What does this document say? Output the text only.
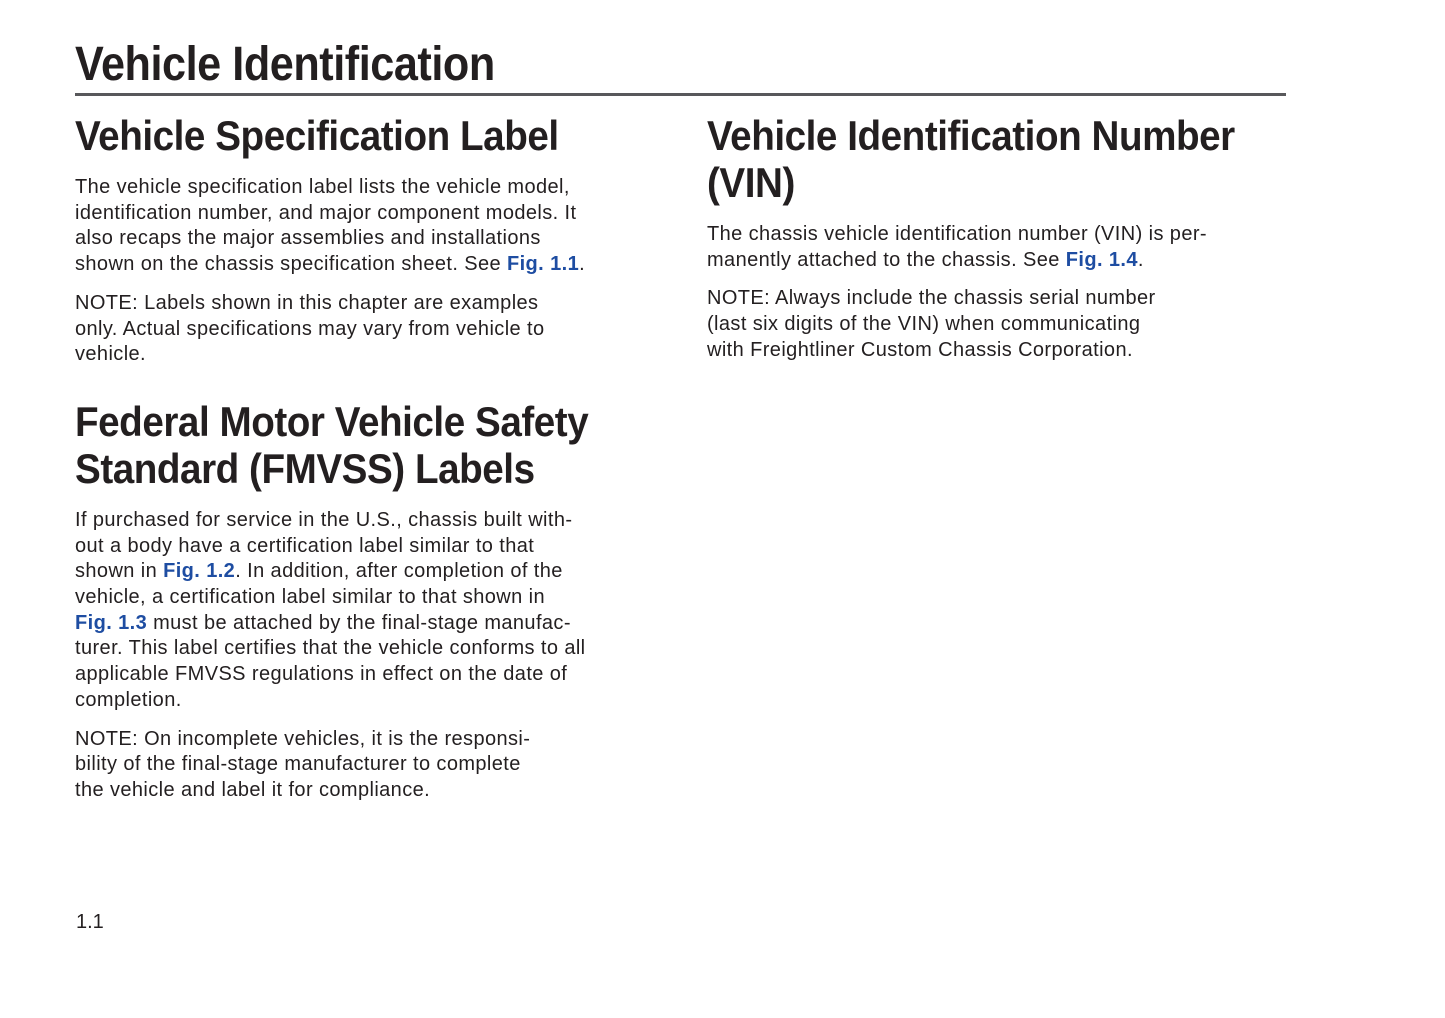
Vehicle Identification
Vehicle Specification Label

The vehicle specification label lists the vehicle model,
identification number, and major component models. It
also recaps the major assemblies and installations
shown on the chassis specification sheet. See Fig. 1.1.

NOTE: Labels shown in this chapter are examples
only. Actual specifications may vary from vehicle to
vehicle.

Federal Motor Vehicle Safety
Standard (FMVSS) Labels

If purchased for service in the U.S., chassis built with-
out a body have a certification label similar to that
shown in Fig. 1.2. In addition, after completion of the
vehicle, a certification label similar to that shown in
Fig. 1.3 must be attached by the final-stage manufac-
turer. This label certifies that the vehicle conforms to all
applicable FMVSS regulations in effect on the date of
completion.

NOTE: On incomplete vehicles, it is the responsi-
bility of the final-stage manufacturer to complete
the vehicle and label it for compliance.

Vehicle Identification Number
(VIN)

The chassis vehicle identification number (VIN) is per-
manently attached to the chassis. See Fig. 1.4.

NOTE: Always include the chassis serial number
(last six digits of the VIN) when communicating
with Freightliner Custom Chassis Corporation.

1.1
